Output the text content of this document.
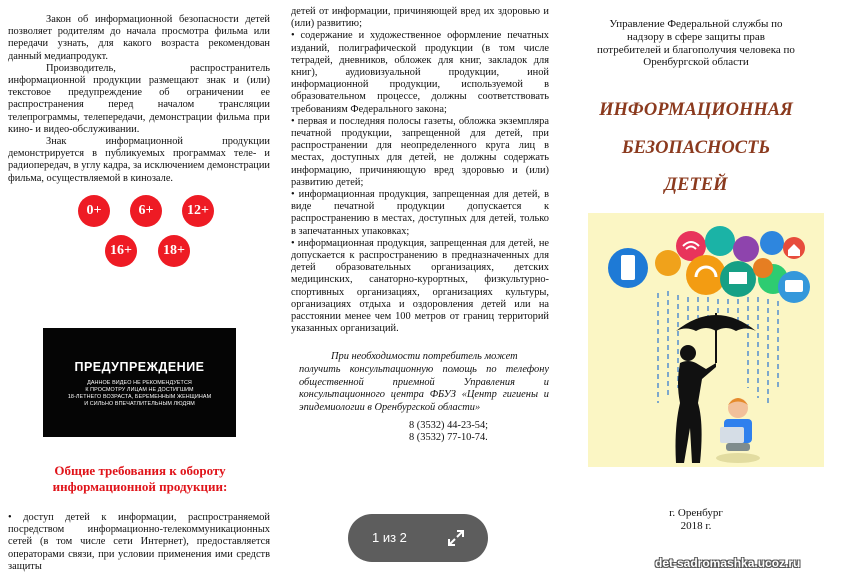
Закон об информационной безопасности детей позволяет родителям до начала просмотра фильма или передачи узнать, для какого возраста рекомендован данный медиапродукт.

Производитель, распространитель информационной продукции размещают знак и (или) текстовое предупреждение об ограничении ее распространения перед началом трансляции телепрограммы, телепередачи, демонстрации фильма при кино- и видео-обслуживании.

Знак информационной продукции демонстрируется в публикуемых программах теле- и радиопередач, в углу кадра, за исключением демонстрации фильма, осуществляемой в кинозале.

0+	6+	12+
16+	18+
ПРЕДУПРЕЖДЕНИЕ
ДАННОЕ ВИДЕО НЕ РЕКОМЕНДУЕТСЯ
К ПРОСМОТРУ ЛИЦАМ НЕ ДОСТИГШИМ
18-ЛЕТНЕГО ВОЗРАСТА, БЕРЕМЕННЫМ ЖЕНЩИНАМ
И СИЛЬНО ВПЕЧАТЛИТЕЛЬНЫМ ЛЮДЯМ
Общие требования к обороту информационной продукции:

• доступ детей к информации, распространяемой посредством информационно-телекоммуникационных сетей (в том числе сети Интернет), предоставляется операторами связи, при условии применения ими средств защиты

детей от информации, причиняющей вред их здоровью и (или) развитию;

• содержание и художественное оформление печатных изданий, полиграфической продукции (в том числе тетрадей, дневников, обложек для книг, закладок для книг), аудиовизуальной продукции, иной информационной продукции, используемой в образовательном процессе, должны соответствовать требованиям Федерального закона;

• первая и последняя полосы газеты, обложка экземпляра печатной продукции, запрещенной для детей, при распространении для неопределенного круга лиц в местах, доступных для детей, не должны содержать информацию, причиняющую вред здоровью и (или) развитию детей;

• информационная продукция, запрещенная для детей, в виде печатной продукции допускается к распространению в местах, доступных для детей, только в запечатанных упаковках;

• информационная продукция, запрещенная для детей, не допускается к распространению в предназначенных для детей образовательных организациях, детских медицинских, санаторно-курортных, физкультурно-спортивных организациях, организациях культуры, организациях отдыха и оздоровления детей или на расстоянии менее чем 100 метров от границ территорий указанных организаций.

При необходимости потребитель может
получить консультационную помощь по телефону общественной приемной Управления и консультационного центра ФБУЗ «Центр гигиены и эпидемиологии в Оренбургской области»
8 (3532) 44-23-54;
8 (3532) 77-10-74.
Управление Федеральной службы по надзору в сфере защиты прав потребителей и благополучия человека по Оренбургской области
ИНФОРМАЦИОННАЯ
БЕЗОПАСНОСТЬ
ДЕТЕЙ
г. Оренбург
2018 г.
1 из 2
det-sadromashka.ucoz.ru
